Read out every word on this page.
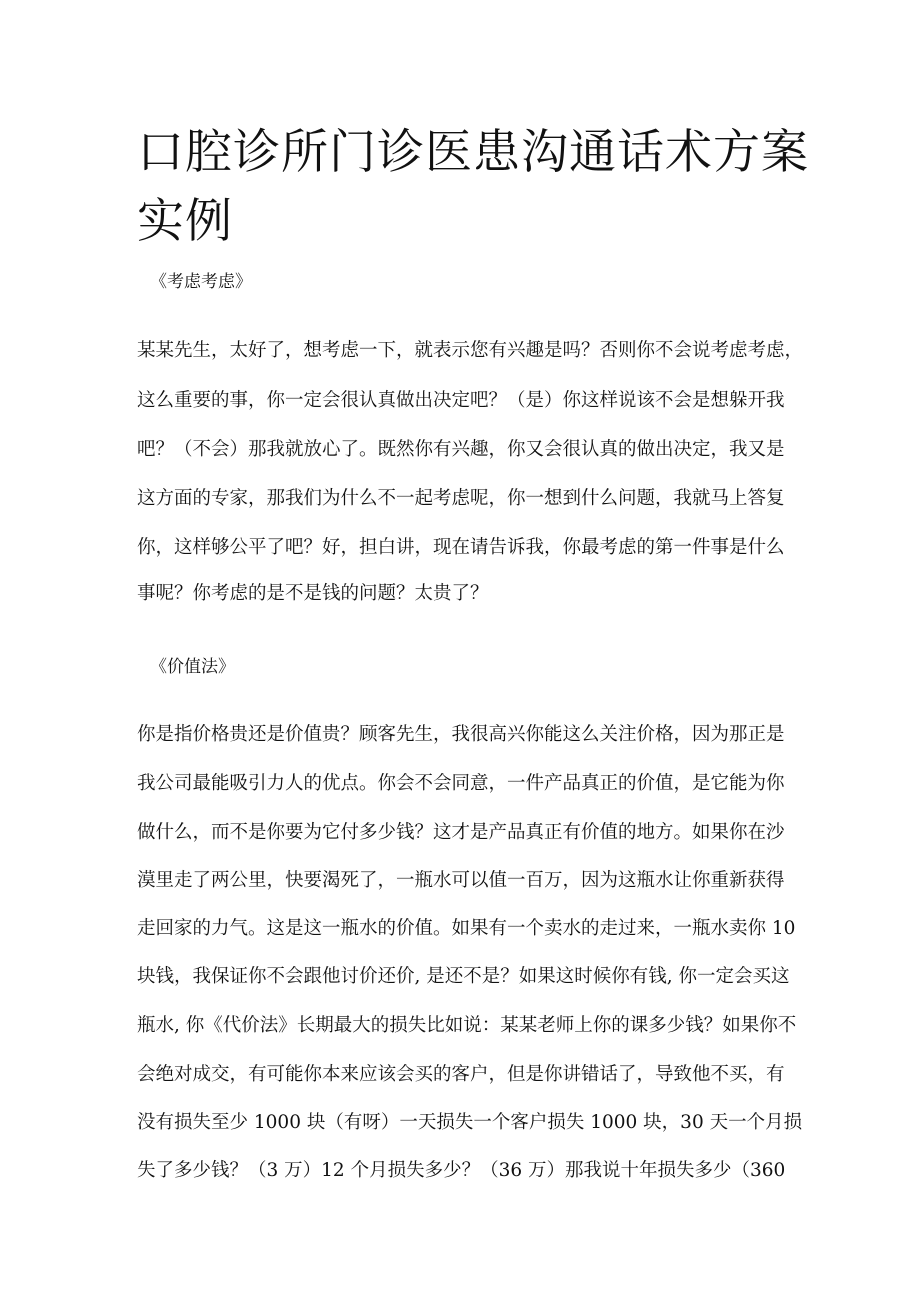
口腔诊所门诊医患沟通话术方案实例

《考虑考虑》

某某先生，太好了，想考虑一下，就表示您有兴趣是吗？否则你不会说考虑考虑，

这么重要的事，你一定会很认真做出决定吧？（是）你这样说该不会是想躲开我

吧？（不会）那我就放心了。既然你有兴趣，你又会很认真的做出决定，我又是

这方面的专家，那我们为什么不一起考虑呢，你一想到什么问题，我就马上答复

你，这样够公平了吧？好，担白讲，现在请告诉我，你最考虑的第一件事是什么

事呢？你考虑的是不是钱的问题？太贵了？

《价值法》

你是指价格贵还是价值贵？顾客先生，我很高兴你能这么关注价格，因为那正是

我公司最能吸引力人的优点。你会不会同意，一件产品真正的价值，是它能为你

做什么，而不是你要为它付多少钱？这才是产品真正有价值的地方。如果你在沙

漠里走了两公里，快要渴死了，一瓶水可以值一百万，因为这瓶水让你重新获得

走回家的力气。这是这一瓶水的价值。如果有一个卖水的走过来，一瓶水卖你 10

块钱，我保证你不会跟他讨价还价, 是还不是？如果这时候你有钱, 你一定会买这

瓶水, 你《代价法》长期最大的损失比如说：某某老师上你的课多少钱？如果你不

会绝对成交，有可能你本来应该会买的客户，但是你讲错话了，导致他不买，有

没有损失至少 1000 块（有呀）一天损失一个客户损失 1000 块，30 天一个月损

失了多少钱？（3 万）12 个月损失多少？（36 万）那我说十年损失多少（360
